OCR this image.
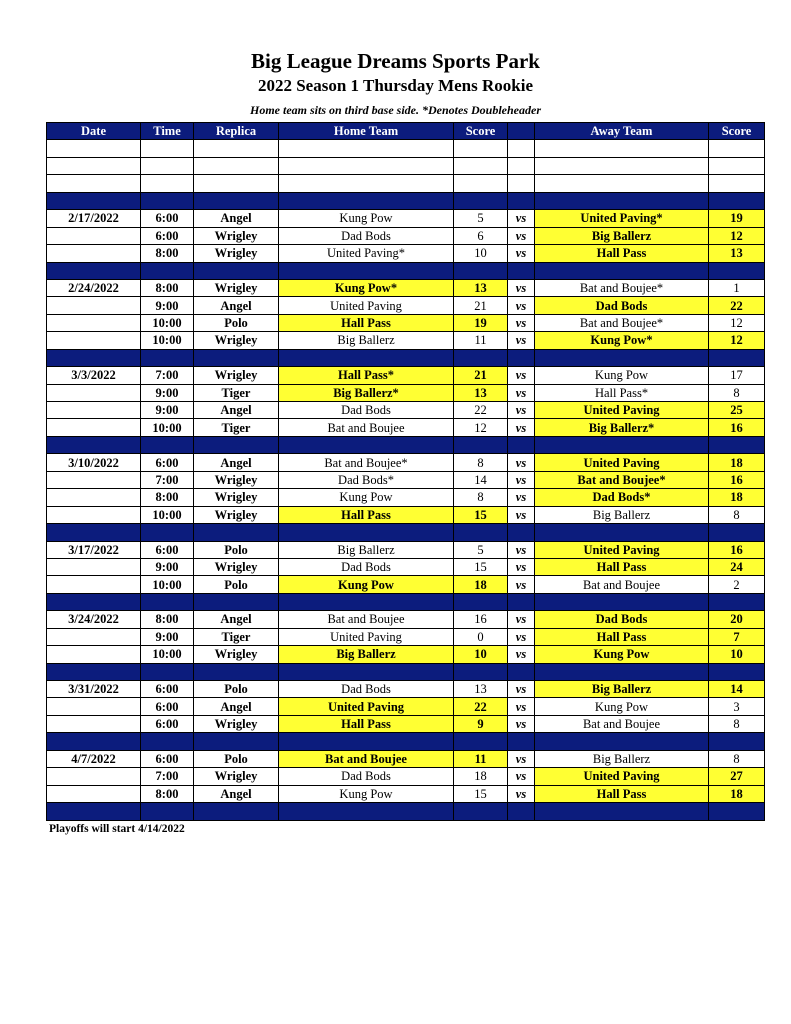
Big League Dreams Sports Park
2022 Season 1 Thursday Mens Rookie
Home team sits on third base side. *Denotes Doubleheader
Date	Time	Replica	Home Team	Score		Away Team	Score

2/17/2022	6:00	Angel	Kung Pow	5	vs	United Paving*	19
	6:00	Wrigley	Dad Bods	6	vs	Big Ballerz	12
	8:00	Wrigley	United Paving*	10	vs	Hall Pass	13

2/24/2022	8:00	Wrigley	Kung Pow*	13	vs	Bat and Boujee*	1
	9:00	Angel	United Paving	21	vs	Dad Bods	22
	10:00	Polo	Hall Pass	19	vs	Bat and Boujee*	12
	10:00	Wrigley	Big Ballerz	11	vs	Kung Pow*	12

3/3/2022	7:00	Wrigley	Hall Pass*	21	vs	Kung Pow	17
	9:00	Tiger	Big Ballerz*	13	vs	Hall Pass*	8
	9:00	Angel	Dad Bods	22	vs	United Paving	25
	10:00	Tiger	Bat and Boujee	12	vs	Big Ballerz*	16

3/10/2022	6:00	Angel	Bat and Boujee*	8	vs	United Paving	18
	7:00	Wrigley	Dad Bods*	14	vs	Bat and Boujee*	16
	8:00	Wrigley	Kung Pow	8	vs	Dad Bods*	18
	10:00	Wrigley	Hall Pass	15	vs	Big Ballerz	8

3/17/2022	6:00	Polo	Big Ballerz	5	vs	United Paving	16
	9:00	Wrigley	Dad Bods	15	vs	Hall Pass	24
	10:00	Polo	Kung Pow	18	vs	Bat and Boujee	2

3/24/2022	8:00	Angel	Bat and Boujee	16	vs	Dad Bods	20
	9:00	Tiger	United Paving	0	vs	Hall Pass	7
	10:00	Wrigley	Big Ballerz	10	vs	Kung Pow	10

3/31/2022	6:00	Polo	Dad Bods	13	vs	Big Ballerz	14
	6:00	Angel	United Paving	22	vs	Kung Pow	3
	6:00	Wrigley	Hall Pass	9	vs	Bat and Boujee	8

4/7/2022	6:00	Polo	Bat and Boujee	11	vs	Big Ballerz	8
	7:00	Wrigley	Dad Bods	18	vs	United Paving	27
	8:00	Angel	Kung Pow	15	vs	Hall Pass	18

Playoffs will start 4/14/2022
